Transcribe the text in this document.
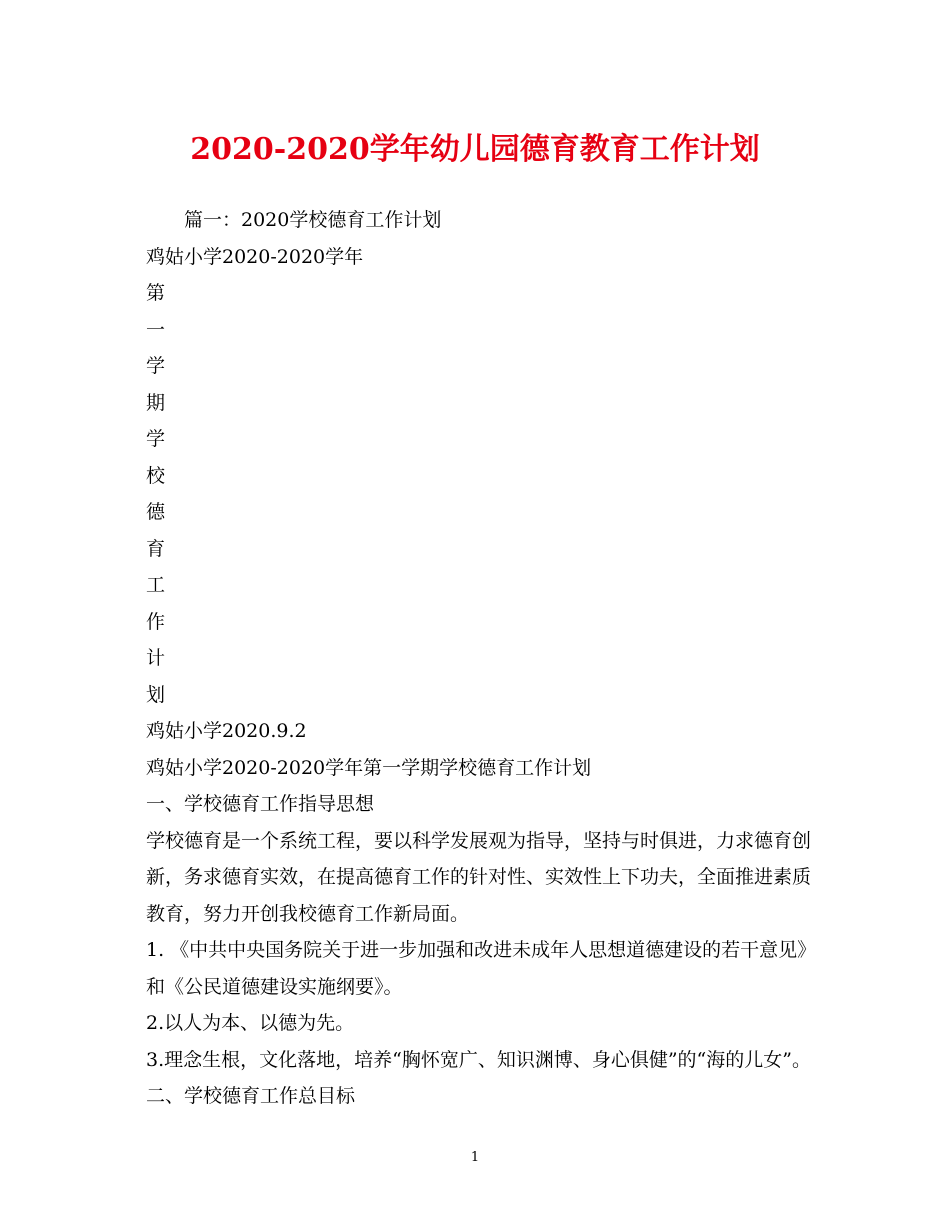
2020-2020学年幼儿园德育教育工作计划
篇一：2020学校德育工作计划
鸡姑小学2020-2020学年
第
一
学
期
学
校
德
育
工
作
计
划
鸡姑小学2020.9.2
鸡姑小学2020-2020学年第一学期学校德育工作计划
一、学校德育工作指导思想
学校德育是一个系统工程，要以科学发展观为指导，坚持与时俱进，力求德育创新，务求德育实效，在提高德育工作的针对性、实效性上下功夫，全面推进素质教育，努力开创我校德育工作新局面。
1. 《中共中央国务院关于进一步加强和改进未成年人思想道德建设的若干意见》
和《公民道德建设实施纲要》。
2.以人为本、以德为先。
3.理念生根，文化落地，培养“胸怀宽广、知识渊博、身心俱健”的“海的儿女”。
二、学校德育工作总目标
1
